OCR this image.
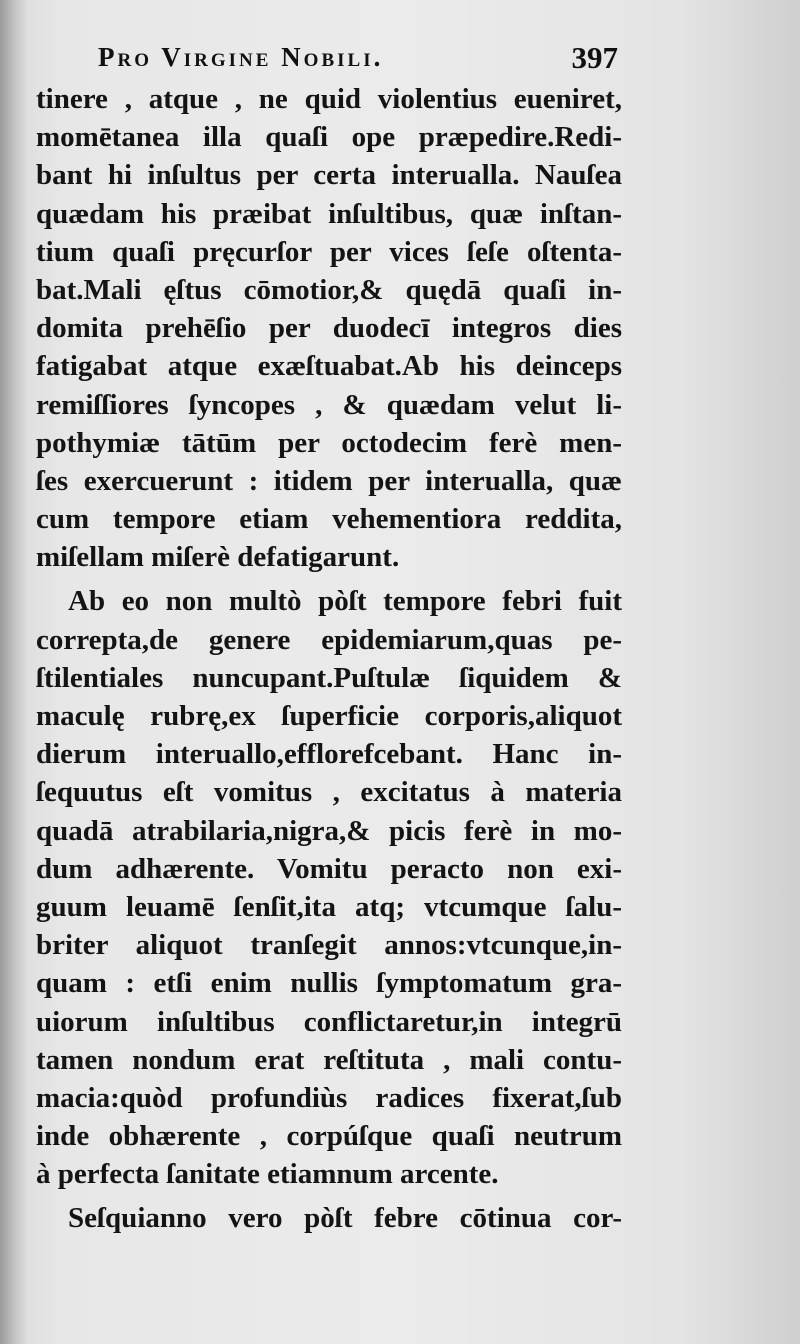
Pro Virgine Nobili.	397
tinere , atque , ne quid violentius eueniret,
momētanea illa quaſi ope præpedire.Redi-
bant hi inſultus per certa interualla. Nauſea
quædam his præibat inſultibus, quæ inſtan-
tium quaſi pręcurſor per vices ſeſe oſtenta-
bat.Mali ęſtus cōmotior,& quędā quaſi in-
domita prehēſio per duodecī integros dies
fatigabat atque exæſtuabat.Ab his deinceps
remiſſiores ſyncopes , & quædam velut li-
pothymiæ tātūm per octodecim ferè men-
ſes exercuerunt : itidem per interualla, quæ
cum tempore etiam vehementiora reddita,
miſellam miſerè defatigarunt.
Ab eo non multò pòſt tempore febri fuit
correpta,de genere epidemiarum,quas pe-
ſtilentiales nuncupant.Puſtulæ ſiquidem &
maculę rubrę,ex ſuperficie corporis,aliquot
dierum interuallo,efflorefcebant. Hanc in-
ſequutus eſt vomitus , excitatus à materia
quadā atrabilaria,nigra,& picis ferè in mo-
dum adhærente. Vomitu peracto non exi-
guum leuamē ſenſit,ita atq; vtcumque ſalu-
briter aliquot tranſegit annos:vtcunque,in-
quam : etſi enim nullis ſymptomatum gra-
uiorum inſultibus conflictaretur,in integrū
tamen nondum erat reſtituta , mali contu-
macia:quòd profundiùs radices fixerat,ſub
inde obhærente , corpúſque quaſi neutrum
à perfecta ſanitate etiamnum arcente.
Seſquianno vero pòſt febre cōtinua cor-
